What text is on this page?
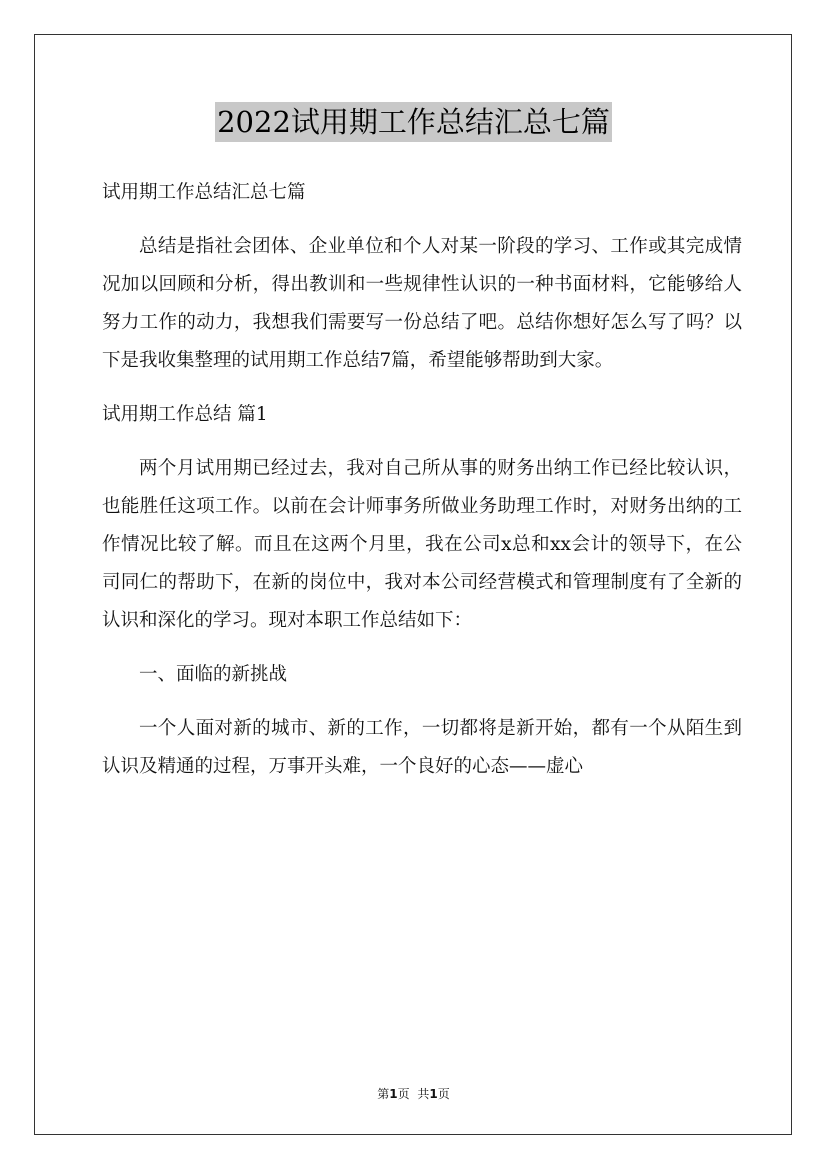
2022试用期工作总结汇总七篇

试用期工作总结汇总七篇

总结是指社会团体、企业单位和个人对某一阶段的学习、工作或其完成情况加以回顾和分析，得出教训和一些规律性认识的一种书面材料，它能够给人努力工作的动力，我想我们需要写一份总结了吧。总结你想好怎么写了吗？以下是我收集整理的试用期工作总结7篇，希望能够帮助到大家。

试用期工作总结 篇1

两个月试用期已经过去，我对自己所从事的财务出纳工作已经比较认识，也能胜任这项工作。以前在会计师事务所做业务助理工作时，对财务出纳的工作情况比较了解。而且在这两个月里，我在公司x总和xx会计的领导下，在公司同仁的帮助下，在新的岗位中，我对本公司经营模式和管理制度有了全新的认识和深化的学习。现对本职工作总结如下：

一、面临的新挑战

一个人面对新的城市、新的工作，一切都将是新开始，都有一个从陌生到认识及精通的过程，万事开头难，一个良好的心态——虚心

第1页 共1页
